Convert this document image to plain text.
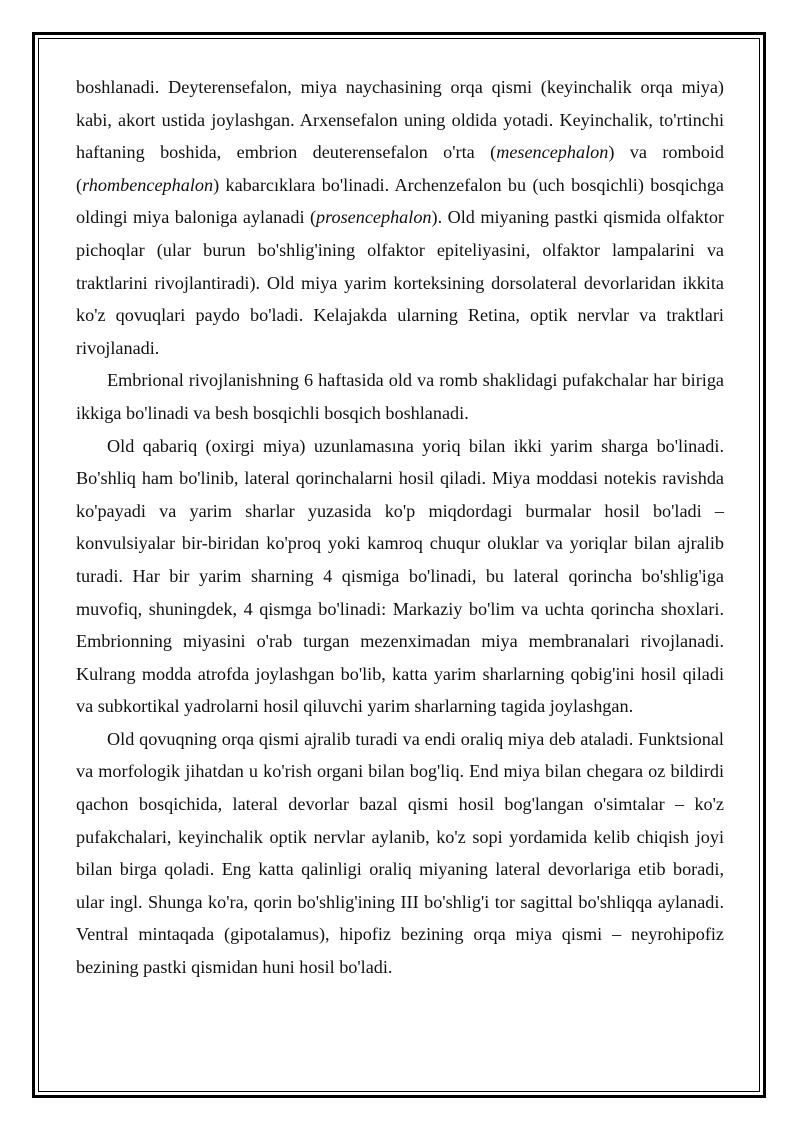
boshlanadi. Deyterensefalon, miya naychasining orqa qismi (keyinchalik orqa miya) kabi, akort ustida joylashgan. Arxensefalon uning oldida yotadi. Keyinchalik, to'rtinchi haftaning boshida, embrion deuterensefalon o'rta (mesencephalon) va romboid (rhombencephalon) kabarcıklara bo'linadi. Archenzefalon bu (uch bosqichli) bosqichga oldingi miya baloniga aylanadi (prosencephalon). Old miyaning pastki qismida olfaktor pichoqlar (ular burun bo'shlig'ining olfaktor epiteliyasini, olfaktor lampalarini va traktlarini rivojlantiradi). Old miya yarim korteksining dorsolateral devorlaridan ikkita ko'z qovuqlari paydo bo'ladi. Kelajakda ularning Retina, optik nervlar va traktlari rivojlanadi.

Embrional rivojlanishning 6 haftasida old va romb shaklidagi pufakchalar har biriga ikkiga bo'linadi va besh bosqichli bosqich boshlanadi.

Old qabariq (oxirgi miya) uzunlamasına yoriq bilan ikki yarim sharga bo'linadi. Bo'shliq ham bo'linib, lateral qorinchalarni hosil qiladi. Miya moddasi notekis ravishda ko'payadi va yarim sharlar yuzasida ko'p miqdordagi burmalar hosil bo'ladi – konvulsiyalar bir-biridan ko'proq yoki kamroq chuqur oluklar va yoriqlar bilan ajralib turadi. Har bir yarim sharning 4 qismiga bo'linadi, bu lateral qorincha bo'shlig'iga muvofiq, shuningdek, 4 qismga bo'linadi: Markaziy bo'lim va uchta qorincha shoxlari. Embrionning miyasini o'rab turgan mezenximadan miya membranalari rivojlanadi. Kulrang modda atrofda joylashgan bo'lib, katta yarim sharlarning qobig'ini hosil qiladi va subkortikal yadrolarni hosil qiluvchi yarim sharlarning tagida joylashgan.

Old qovuqning orqa qismi ajralib turadi va endi oraliq miya deb ataladi. Funktsional va morfologik jihatdan u ko'rish organi bilan bog'liq. End miya bilan chegara oz bildirdi qachon bosqichida, lateral devorlar bazal qismi hosil bog'langan o'simtalar – ko'z pufakchalari, keyinchalik optik nervlar aylanib, ko'z sopi yordamida kelib chiqish joyi bilan birga qoladi. Eng katta qalinligi oraliq miyaning lateral devorlariga etib boradi, ular ingl. Shunga ko'ra, qorin bo'shlig'ining III bo'shlig'i tor sagittal bo'shliqqa aylanadi. Ventral mintaqada (gipotalamus), hipofiz bezining orqa miya qismi – neyrohipofiz bezining pastki qismidan huni hosil bo'ladi.
